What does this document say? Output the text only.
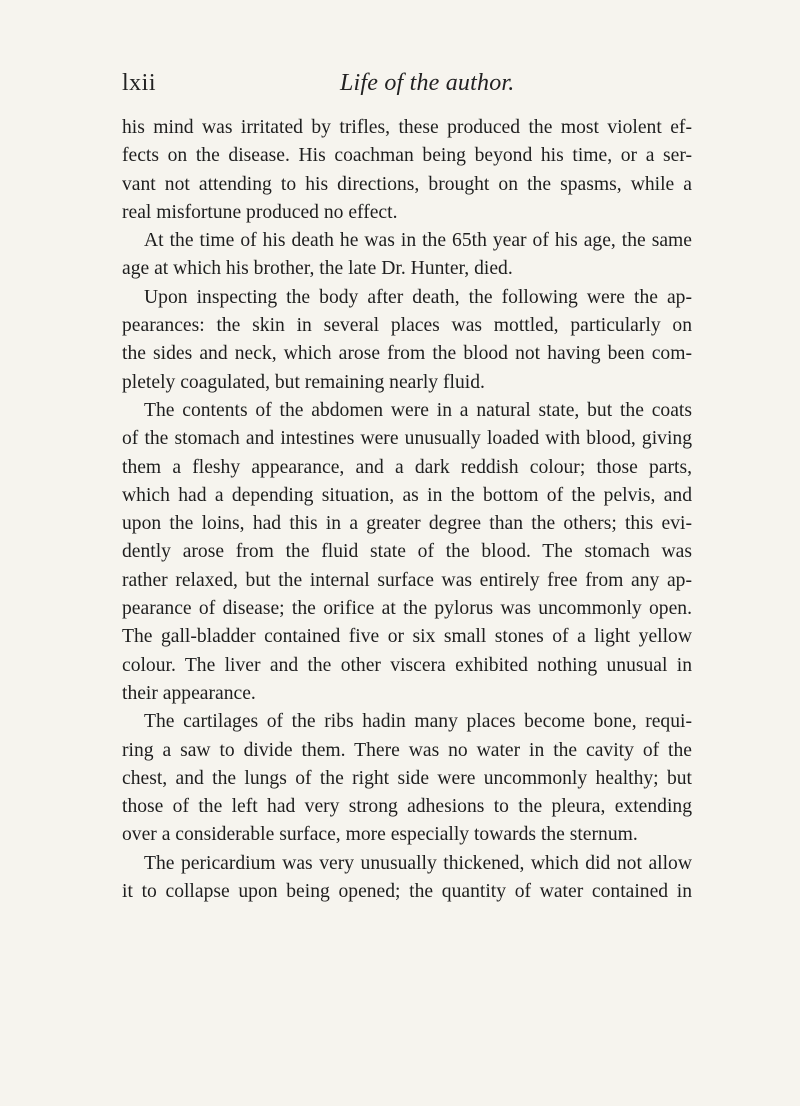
lxii	Life of the author.
his mind was irritated by trifles, these produced the most violent ef-
fects on the disease. His coachman being beyond his time, or a ser-
vant not attending to his directions, brought on the spasms, while a
real misfortune produced no effect.
At the time of his death he was in the 65th year of his age, the same
age at which his brother, the late Dr. Hunter, died.
Upon inspecting the body after death, the following were the ap-
pearances: the skin in several places was mottled, particularly on
the sides and neck, which arose from the blood not having been com-
pletely coagulated, but remaining nearly fluid.
The contents of the abdomen were in a natural state, but the coats
of the stomach and intestines were unusually loaded with blood, giving
them a fleshy appearance, and a dark reddish colour; those parts,
which had a depending situation, as in the bottom of the pelvis, and
upon the loins, had this in a greater degree than the others; this evi-
dently arose from the fluid state of the blood. The stomach was
rather relaxed, but the internal surface was entirely free from any ap-
pearance of disease; the orifice at the pylorus was uncommonly open.
The gall-bladder contained five or six small stones of a light yellow
colour. The liver and the other viscera exhibited nothing unusual in
their appearance.
The cartilages of the ribs hadin many places become bone, requi-
ring a saw to divide them. There was no water in the cavity of the
chest, and the lungs of the right side were uncommonly healthy; but
those of the left had very strong adhesions to the pleura, extending
over a considerable surface, more especially towards the sternum.
The pericardium was very unusually thickened, which did not allow
it to collapse upon being opened; the quantity of water contained in
